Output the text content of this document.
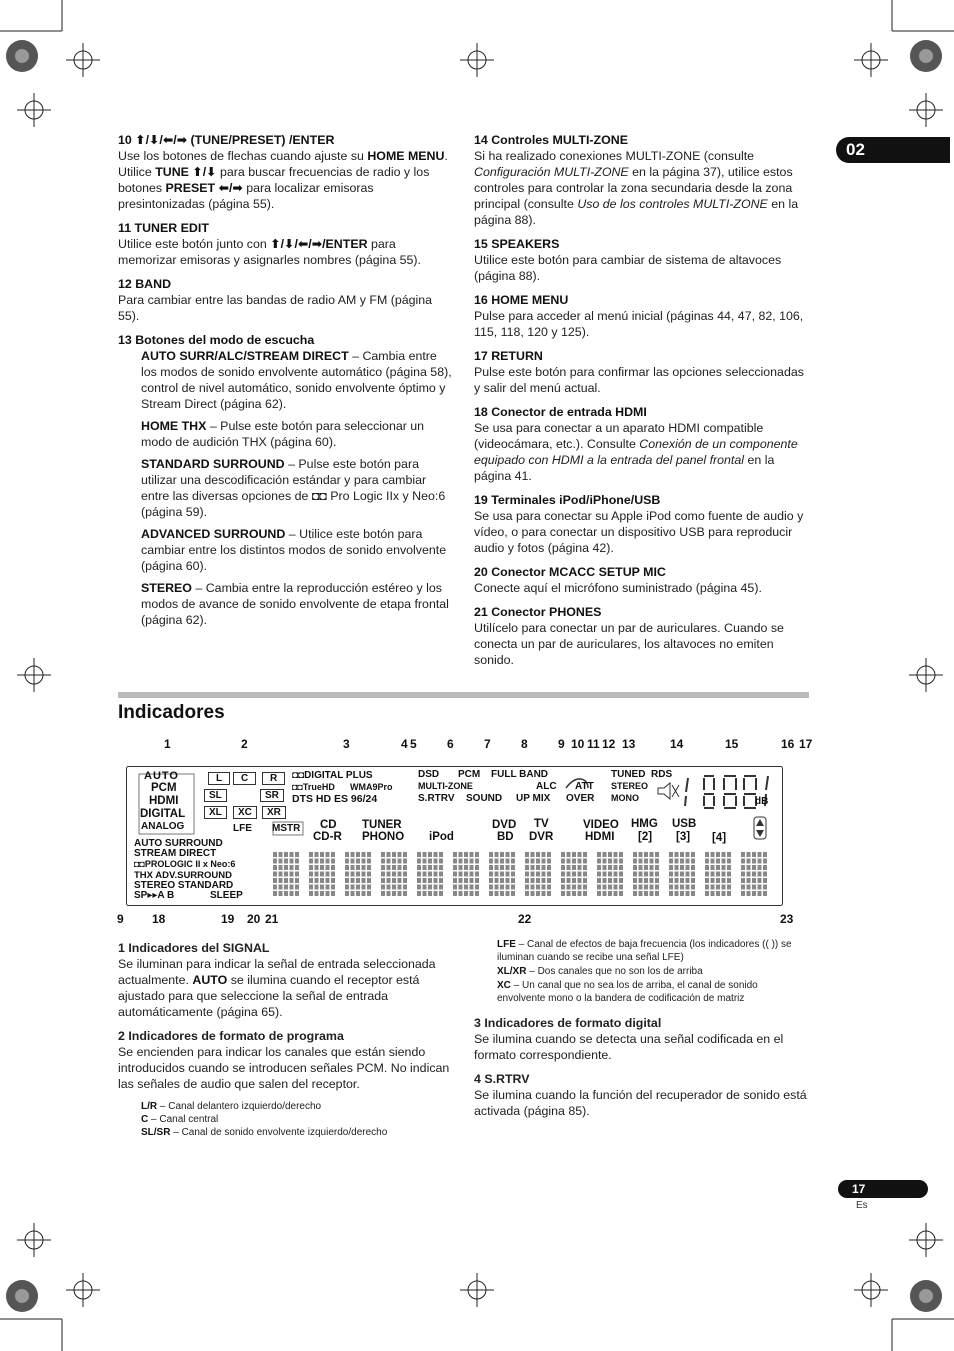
02
10 ⬆/⬇/⬅/➡ (TUNE/PRESET) /ENTER

Use los botones de flechas cuando ajuste su HOME MENU. Utilice TUNE ⬆/⬇ para buscar frecuencias de radio y los botones PRESET ⬅/➡ para localizar emisoras presintonizadas (página 55).

11 TUNER EDIT

Utilice este botón junto con ⬆/⬇/⬅/➡/ENTER para memorizar emisoras y asignarles nombres (página 55).

12 BAND

Para cambiar entre las bandas de radio AM y FM (página 55).

13 Botones del modo de escucha

AUTO SURR/ALC/STREAM DIRECT – Cambia entre los modos de sonido envolvente automático (página 58), control de nivel automático, sonido envolvente óptimo y Stream Direct (página 62).

HOME THX – Pulse este botón para seleccionar un modo de audición THX (página 60).

STANDARD SURROUND – Pulse este botón para utilizar una descodificación estándar y para cambiar entre las diversas opciones de ◘◘ Pro Logic IIx y Neo:6 (página 59).

ADVANCED SURROUND – Utilice este botón para cambiar entre los distintos modos de sonido envolvente (página 60).

STEREO – Cambia entre la reproducción estéreo y los modos de avance de sonido envolvente de etapa frontal (página 62).

14 Controles MULTI-ZONE

Si ha realizado conexiones MULTI-ZONE (consulte Configuración MULTI-ZONE en la página 37), utilice estos controles para controlar la zona secundaria desde la zona principal (consulte Uso de los controles MULTI-ZONE en la página 88).

15 SPEAKERS

Utilice este botón para cambiar de sistema de altavoces (página 88).

16 HOME MENU

Pulse para acceder al menú inicial (páginas 44, 47, 82, 106, 115, 118, 120 y 125).

17 RETURN

Pulse este botón para confirmar las opciones seleccionadas y salir del menú actual.

18 Conector de entrada HDMI

Se usa para conectar a un aparato HDMI compatible (videocámara, etc.). Consulte Conexión de un componente equipado con HDMI a la entrada del panel frontal en la página 41.

19 Terminales iPod/iPhone/USB

Se usa para conectar su Apple iPod como fuente de audio y vídeo, o para conectar un dispositivo USB para reproducir audio y fotos (página 42).

20 Conector MCACC SETUP MIC

Conecte aquí el micrófono suministrado (página 45).

21 Conector PHONES

Utilícelo para conectar un par de auriculares. Cuando se conecta un par de auriculares, los altavoces no emiten sonido.

Indicadores
1	2	3	4 5	6	7	8	9 10 11 12 13	14	15	16 17
9 18	19 20 21	22	23
AUTO
PCM
HDMI
DIGITAL
ANALOG
L	C	R
SL	SR
XL	XC	XR
LFE MSTR
◘◘DIGITAL PLUS
◘◘TrueHD WMA9Pro
DTS HD ES 96/24
DSD PCM
MULTI-ZONE
S.RTRV SOUND
FULL BAND
ALC ATT
UP MIX OVER
TUNED RDS
STEREO
MONO	dB
CD
CD-R
TUNER
PHONO iPod
DVD
BD
TV
DVR
VIDEO
HDMI
HMG USB
[2] [3] [4]
AUTO SURROUND
STREAM DIRECT
◘◘PROLOGIC II x Neo:6
THX ADV.SURROUND
STEREO STANDARD
SP▸▸A B	SLEEP
1 Indicadores del SIGNAL

Se iluminan para indicar la señal de entrada seleccionada actualmente. AUTO se ilumina cuando el receptor está ajustado para que seleccione la señal de entrada automáticamente (página 65).

2 Indicadores de formato de programa

Se encienden para indicar los canales que están siendo introducidos cuando se introducen señales PCM. No indican las señales de audio que salen del receptor.

L/R – Canal delantero izquierdo/derecho
C – Canal central
SL/SR – Canal de sonido envolvente izquierdo/derecho
LFE – Canal de efectos de baja frecuencia (los indicadores (( )) se iluminan cuando se recibe una señal LFE)
XL/XR – Dos canales que no son los de arriba
XC – Un canal que no sea los de arriba, el canal de sonido envolvente mono o la bandera de codificación de matriz
3 Indicadores de formato digital

Se ilumina cuando se detecta una señal codificada en el formato correspondiente.

4 S.RTRV

Se ilumina cuando la función del recuperador de sonido está activada (página 85).

17
Es
